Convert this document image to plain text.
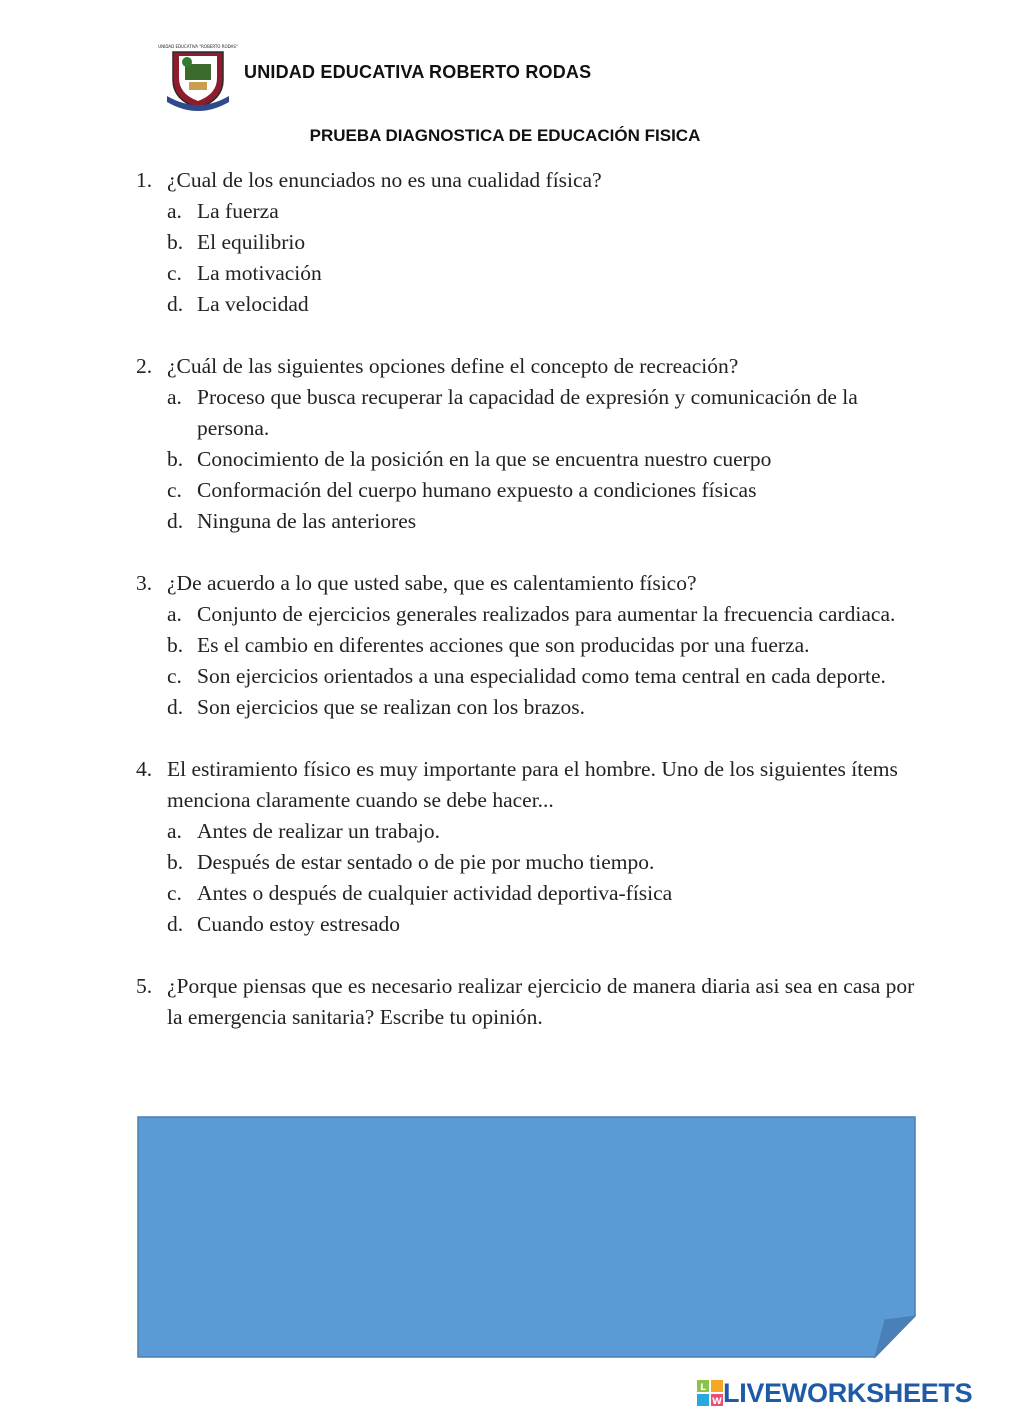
UNIDAD EDUCATIVA "ROBERTO RODAS"
UNIDAD EDUCATIVA ROBERTO RODAS
PRUEBA DIAGNOSTICA DE EDUCACIÓN FISICA
1. ¿Cual de los enunciados no es una cualidad física?
a. La fuerza
b. El equilibrio
c. La motivación
d. La velocidad
2. ¿Cuál de las siguientes opciones define el concepto de recreación?
a. Proceso que busca recuperar la capacidad de expresión y comunicación de la persona.
b. Conocimiento de la posición en la que se encuentra nuestro cuerpo
c. Conformación del cuerpo humano expuesto a condiciones físicas
d. Ninguna de las anteriores
3. ¿De acuerdo a lo que usted sabe, que es calentamiento físico?
a. Conjunto de ejercicios generales realizados para aumentar la frecuencia cardiaca.
b. Es el cambio en diferentes acciones que son producidas por una fuerza.
c. Son ejercicios orientados a una especialidad como tema central en cada deporte.
d. Son ejercicios que se realizan con los brazos.
4. El estiramiento físico es muy importante para el hombre. Uno de los siguientes ítems menciona claramente cuando se debe hacer...
a. Antes de realizar un trabajo.
b. Después de estar sentado o de pie por mucho tiempo.
c. Antes o después de cualquier actividad deportiva-física
d. Cuando estoy estresado
5. ¿Porque piensas que es necesario realizar ejercicio de manera diaria asi sea en casa por la emergencia sanitaria? Escribe tu opinión.
L
W LIVEWORKSHEETS
